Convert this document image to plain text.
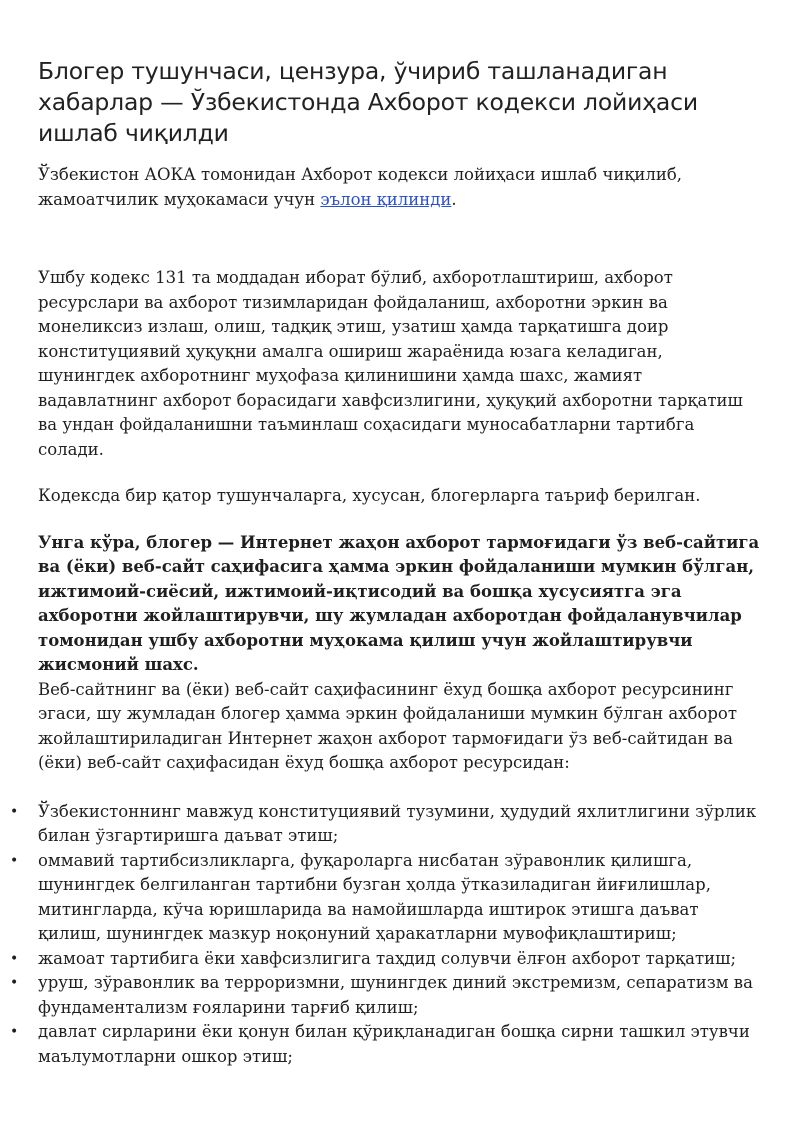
Блогер тушунчаси, цензура, ўчириб ташланадиган хабарлар — Ўзбекистонда Ахборот кодекси лойиҳаси ишлаб чиқилди

Ўзбекистон АОКА томонидан Ахборот кодекси лойиҳаси ишлаб чиқилиб, жамоатчилик муҳокамаси учун эълон қилинди.

Ушбу кодекс 131 та моддадан иборат бўлиб, ахборотлаштириш, ахборот ресурслари ва ахборот тизимларидан фойдаланиш, ахборотни эркин ва монеликсиз излаш, олиш, тадқиқ этиш, узатиш ҳамда тарқатишга доир конституциявий ҳуқуқни амалга ошириш жараёнида юзага келадиган, шунингдек ахборотнинг муҳофаза қилинишини ҳамда шахс, жамият вадавлатнинг ахборот борасидаги хавфсизлигини, ҳуқуқий ахборотни тарқатиш ва ундан фойдаланишни таъминлаш соҳасидаги муносабатларни тартибга солади.

Кодексда бир қатор тушунчаларга, хусусан, блогерларга таъриф берилган.

Унга кўра, блогер — Интернет жаҳон ахборот тармоғидаги ўз веб-сайтига ва (ёки) веб-сайт саҳифасига ҳамма эркин фойдаланиши мумкин бўлган, ижтимоий-сиёсий, ижтимоий-иқтисодий ва бошқа хусусиятга эга ахборотни жойлаштирувчи, шу жумладан ахборотдан фойдаланувчилар томонидан ушбу ахборотни муҳокама қилиш учун жойлаштирувчи жисмоний шахс.

Веб-сайтнинг ва (ёки) веб-сайт саҳифасининг ёхуд бошқа ахборот ресурсининг эгаси, шу жумладан блогер ҳамма эркин фойдаланиши мумкин бўлган ахборот жойлаштириладиган Интернет жаҳон ахборот тармоғидаги ўз веб-сайтидан ва (ёки) веб-сайт саҳифасидан ёхуд бошқа ахборот ресурсидан:

• Ўзбекистоннинг мавжуд конституциявий тузумини, ҳудудий яхлитлигини зўрлик билан ўзгартиришга даъват этиш;
• оммавий тартибсизликларга, фуқароларга нисбатан зўравонлик қилишга, шунингдек белгиланган тартибни бузган ҳолда ўтказиладиган йиғилишлар, митингларда, кўча юришларида ва намойишларда иштирок этишга даъват қилиш, шунингдек мазкур ноқонуний ҳаракатларни мувофиқлаштириш;
• жамоат тартибига ёки хавфсизлигига таҳдид солувчи ёлғон ахборот тарқатиш;
• уруш, зўравонлик ва терроризмни, шунингдек диний экстремизм, сепаратизм ва фундаментализм ғояларини тарғиб қилиш;
• давлат сирларини ёки қонун билан қўриқланадиган бошқа сирни ташкил этувчи маълумотларни ошкор этиш;
